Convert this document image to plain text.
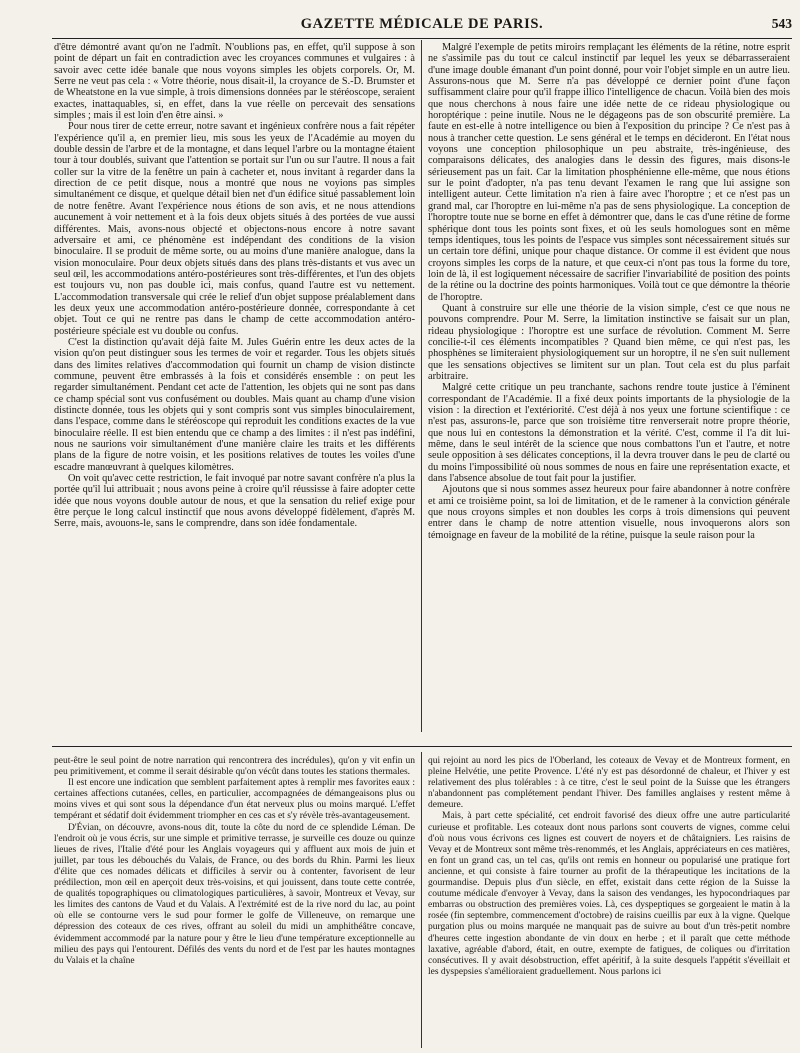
GAZETTE MÉDICALE DE PARIS.	543

d'être démontré avant qu'on ne l'admît. N'oublions pas, en effet, qu'il suppose à son point de départ un fait en contradiction avec les croyances communes et vulgaires : à savoir avec cette idée banale que nous voyons simples les objets corporels. Or, M. Serre ne veut pas cela : « Votre théorie, nous disait-il, la croyance de S.-D. Brumster et de Wheatstone en la vue simple, à trois dimensions données par le stéréoscope, seraient exactes, inattaquables, si, en effet, dans la vue réelle on percevait des sensations simples ; mais il est loin d'en être ainsi. »

Pour nous tirer de cette erreur, notre savant et ingénieux confrère nous a fait répéter l'expérience qu'il a, en premier lieu, mis sous les yeux de l'Académie au moyen du double dessin de l'arbre et de la montagne, et dans lequel l'arbre ou la montagne étaient tour à tour doublés, suivant que l'attention se portait sur l'un ou sur l'autre. Il nous a fait coller sur la vitre de la fenêtre un pain à cacheter et, nous invitant à regarder dans la direction de ce petit disque, nous a montré que nous ne voyions pas simples simultanément ce disque, et quelque détail bien net d'un édifice situé passablement loin de notre fenêtre. Avant l'expérience nous étions de son avis, et ne nous attendions aucunement à voir nettement et à la fois deux objets situés à des portées de vue aussi différentes. Mais, avons-nous objecté et objectons-nous encore à notre savant adversaire et ami, ce phénomène est indépendant des conditions de la vision binoculaire. Il se produit de même sorte, ou au moins d'une manière analogue, dans la vision monoculaire. Pour deux objets situés dans des plans très-distants et vus avec un seul œil, les accommodations antéro-postérieures sont très-différentes, et l'un des objets est toujours vu, non pas double ici, mais confus, quand l'autre est vu nettement. L'accommodation transversale qui crée le relief d'un objet suppose préalablement dans les deux yeux une accommodation antéro-postérieure donnée, correspondante à cet objet. Tout ce qui ne rentre pas dans le champ de cette accommodation antéro-postérieure spéciale est vu double ou confus.

C'est la distinction qu'avait déjà faite M. Jules Guérin entre les deux actes de la vision qu'on peut distinguer sous les termes de voir et regarder. Tous les objets situés dans des limites relatives d'accommodation qui fournit un champ de vision distincte commune, peuvent être embrassés à la fois et considérés ensemble : on peut les regarder simultanément. Pendant cet acte de l'attention, les objets qui ne sont pas dans ce champ spécial sont vus confusément ou doubles. Mais quant au champ d'une vision distincte donnée, tous les objets qui y sont compris sont vus simples binoculairement, dans l'espace, comme dans le stéréoscope qui reproduit les conditions exactes de la vue binoculaire réelle. Il est bien entendu que ce champ a des limites : il n'est pas indéfini, nous ne saurions voir simultanément d'une manière claire les traits et les différents plans de la figure de notre voisin, et les positions relatives de toutes les voiles d'une escadre manœuvrant à quelques kilomètres.

On voit qu'avec cette restriction, le fait invoqué par notre savant confrère n'a plus la portée qu'il lui attribuait ; nous avons peine à croire qu'il réussisse à faire adopter cette idée que nous voyons double autour de nous, et que la sensation du relief exige pour être perçue le long calcul instinctif que nous avons développé fidèlement, d'après M. Serre, mais, avouons-le, sans le comprendre, dans son idée fondamentale.

Malgré l'exemple de petits miroirs remplaçant les éléments de la rétine, notre esprit ne s'assimile pas du tout ce calcul instinctif par lequel les yeux se débarrasseraient d'une image double émanant d'un point donné, pour voir l'objet simple en un autre lieu. Assurons-nous que M. Serre n'a pas développé ce dernier point d'une façon suffisamment claire pour qu'il frappe illico l'intelligence de chacun. Voilà bien des mois que nous cherchons à nous faire une idée nette de ce rideau physiologique ou horoptérique : peine inutile. Nous ne le dégageons pas de son obscurité première. La faute en est-elle à notre intelligence ou bien à l'exposition du principe ? Ce n'est pas à nous à trancher cette question. Le sens général et le temps en décideront. En l'état nous voyons une conception philosophique un peu abstraite, très-ingénieuse, des comparaisons délicates, des analogies dans le dessin des figures, mais disons-le sérieusement pas un fait. Car la limitation phosphénienne elle-même, que nous étions sur le point d'adopter, n'a pas tenu devant l'examen le rang que lui assigne son intelligent auteur. Cette limitation n'a rien à faire avec l'horoptre ; et ce n'est pas un grand mal, car l'horoptre en lui-même n'a pas de sens physiologique. La conception de l'horoptre toute nue se borne en effet à démontrer que, dans le cas d'une rétine de forme sphérique dont tous les points sont fixes, et où les seuls homologues sont en même temps identiques, tous les points de l'espace vus simples sont nécessairement situés sur un certain tore défini, unique pour chaque distance. Or comme il est évident que nous croyons simples les corps de la nature, et que ceux-ci n'ont pas tous la forme du tore, loin de là, il est logiquement nécessaire de sacrifier l'invariabilité de position des points de la rétine ou la doctrine des points harmoniques. Voilà tout ce que démontre la théorie de l'horoptre.

Quant à construire sur elle une théorie de la vision simple, c'est ce que nous ne pouvons comprendre. Pour M. Serre, la limitation instinctive se faisait sur un plan, rideau physiologique : l'horoptre est une surface de révolution. Comment M. Serre concilie-t-il ces éléments incompatibles ? Quand bien même, ce qui n'est pas, les phosphènes se limiteraient physiologiquement sur un horoptre, il ne s'en suit nullement que les sensations objectives se limitent sur un plan. Tout cela est du plus parfait arbitraire.

Malgré cette critique un peu tranchante, sachons rendre toute justice à l'éminent correspondant de l'Académie. Il a fixé deux points importants de la physiologie de la vision : la direction et l'extériorité. C'est déjà à nos yeux une fortune scientifique : ce n'est pas, assurons-le, parce que son troisième titre renverserait notre propre théorie, que nous lui en contestons la démonstration et la vérité. C'est, comme il l'a dit lui-même, dans le seul intérêt de la science que nous combattons l'un et l'autre, et notre seule opposition à ses délicates conceptions, il la devra trouver dans le peu de clarté ou du moins l'impossibilité où nous sommes de nous en faire une représentation exacte, et dans l'absence absolue de tout fait pour la justifier.

Ajoutons que si nous sommes assez heureux pour faire abandonner à notre confrère et ami ce troisième point, sa loi de limitation, et de le ramener à la conviction générale que nous croyons simples et non doubles les corps à trois dimensions qui peuvent entrer dans le champ de notre attention visuelle, nous invoquerons alors son témoignage en faveur de la mobilité de la rétine, puisque la seule raison pour la

peut-être le seul point de notre narration qui rencontrera des incrédules), qu'on y vit enfin un peu primitivement, et comme il serait désirable qu'on vécût dans toutes les stations thermales.

Il est encore une indication que semblent parfaitement aptes à remplir mes favorites eaux : certaines affections cutanées, celles, en particulier, accompagnées de démangeaisons plus ou moins vives et qui sont sous la dépendance d'un état nerveux plus ou moins marqué. L'effet tempérant et sédatif doit évidemment triompher en ces cas et s'y révèle très-avantageusement.

D'Évian, on découvre, avons-nous dit, toute la côte du nord de ce splendide Léman. De l'endroit où je vous écris, sur une simple et primitive terrasse, je surveille ces douze ou quinze lieues de rives, l'Italie d'été pour les Anglais voyageurs qui y affluent aux mois de juin et juillet, par tous les débouchés du Valais, de France, ou des bords du Rhin. Parmi les lieux d'élite que ces nomades délicats et difficiles à servir ou à contenter, favorisent de leur prédilection, mon œil en aperçoit deux très-voisins, et qui jouissent, dans toute cette contrée, de qualités topographiques ou climatologiques particulières, à savoir, Montreux et Vevay, sur les limites des cantons de Vaud et du Valais. A l'extrémité est de la rive nord du lac, au point où elle se contourne vers le sud pour former le golfe de Villeneuve, on remarque une dépression des coteaux de ces rives, offrant au soleil du midi un amphithéâtre concave, évidemment accommodé par la nature pour y être le lieu d'une température exceptionnelle au milieu des pays qui l'entourent. Défilés des vents du nord et de l'est par les hautes montagnes du Valais et la chaîne

qui rejoint au nord les pics de l'Oberland, les coteaux de Vevay et de Montreux forment, en pleine Helvétie, une petite Provence. L'été n'y est pas désordonné de chaleur, et l'hiver y est relativement des plus tolérables : à ce titre, c'est le seul point de la Suisse que les étrangers n'abandonnent pas complétement pendant l'hiver. Des familles anglaises y restent même à demeure.

Mais, à part cette spécialité, cet endroit favorisé des dieux offre une autre particularité curieuse et profitable. Les coteaux dont nous parlons sont couverts de vignes, comme celui d'où nous vous écrivons ces lignes est couvert de noyers et de châtaigniers. Les raisins de Vevay et de Montreux sont même très-renommés, et les Anglais, appréciateurs en ces matières, en font un grand cas, un tel cas, qu'ils ont remis en honneur ou popularisé une pratique fort ancienne, et qui consiste à faire tourner au profit de la thérapeutique les incitations de la gourmandise. Depuis plus d'un siècle, en effet, existait dans cette région de la Suisse la coutume médicale d'envoyer à Vevay, dans la saison des vendanges, les hypocondriaques par embarras ou obstruction des premières voies. Là, ces dyspeptiques se gorgeaient le matin à la rosée (fin septembre, commencement d'octobre) de raisins cueillis par eux à la vigne. Quelque purgation plus ou moins marquée ne manquait pas de suivre au bout d'un très-petit nombre d'heures cette ingestion abondante de vin doux en herbe ; et il paraît que cette méthode laxative, agréable d'abord, était, en outre, exempte de fatigues, de coliques ou d'irritation consécutives. Il y avait désobstruction, effet apéritif, à la suite desquels l'appétit s'éveillait et les dyspepsies s'amélioraient graduellement. Nous parlons ici
